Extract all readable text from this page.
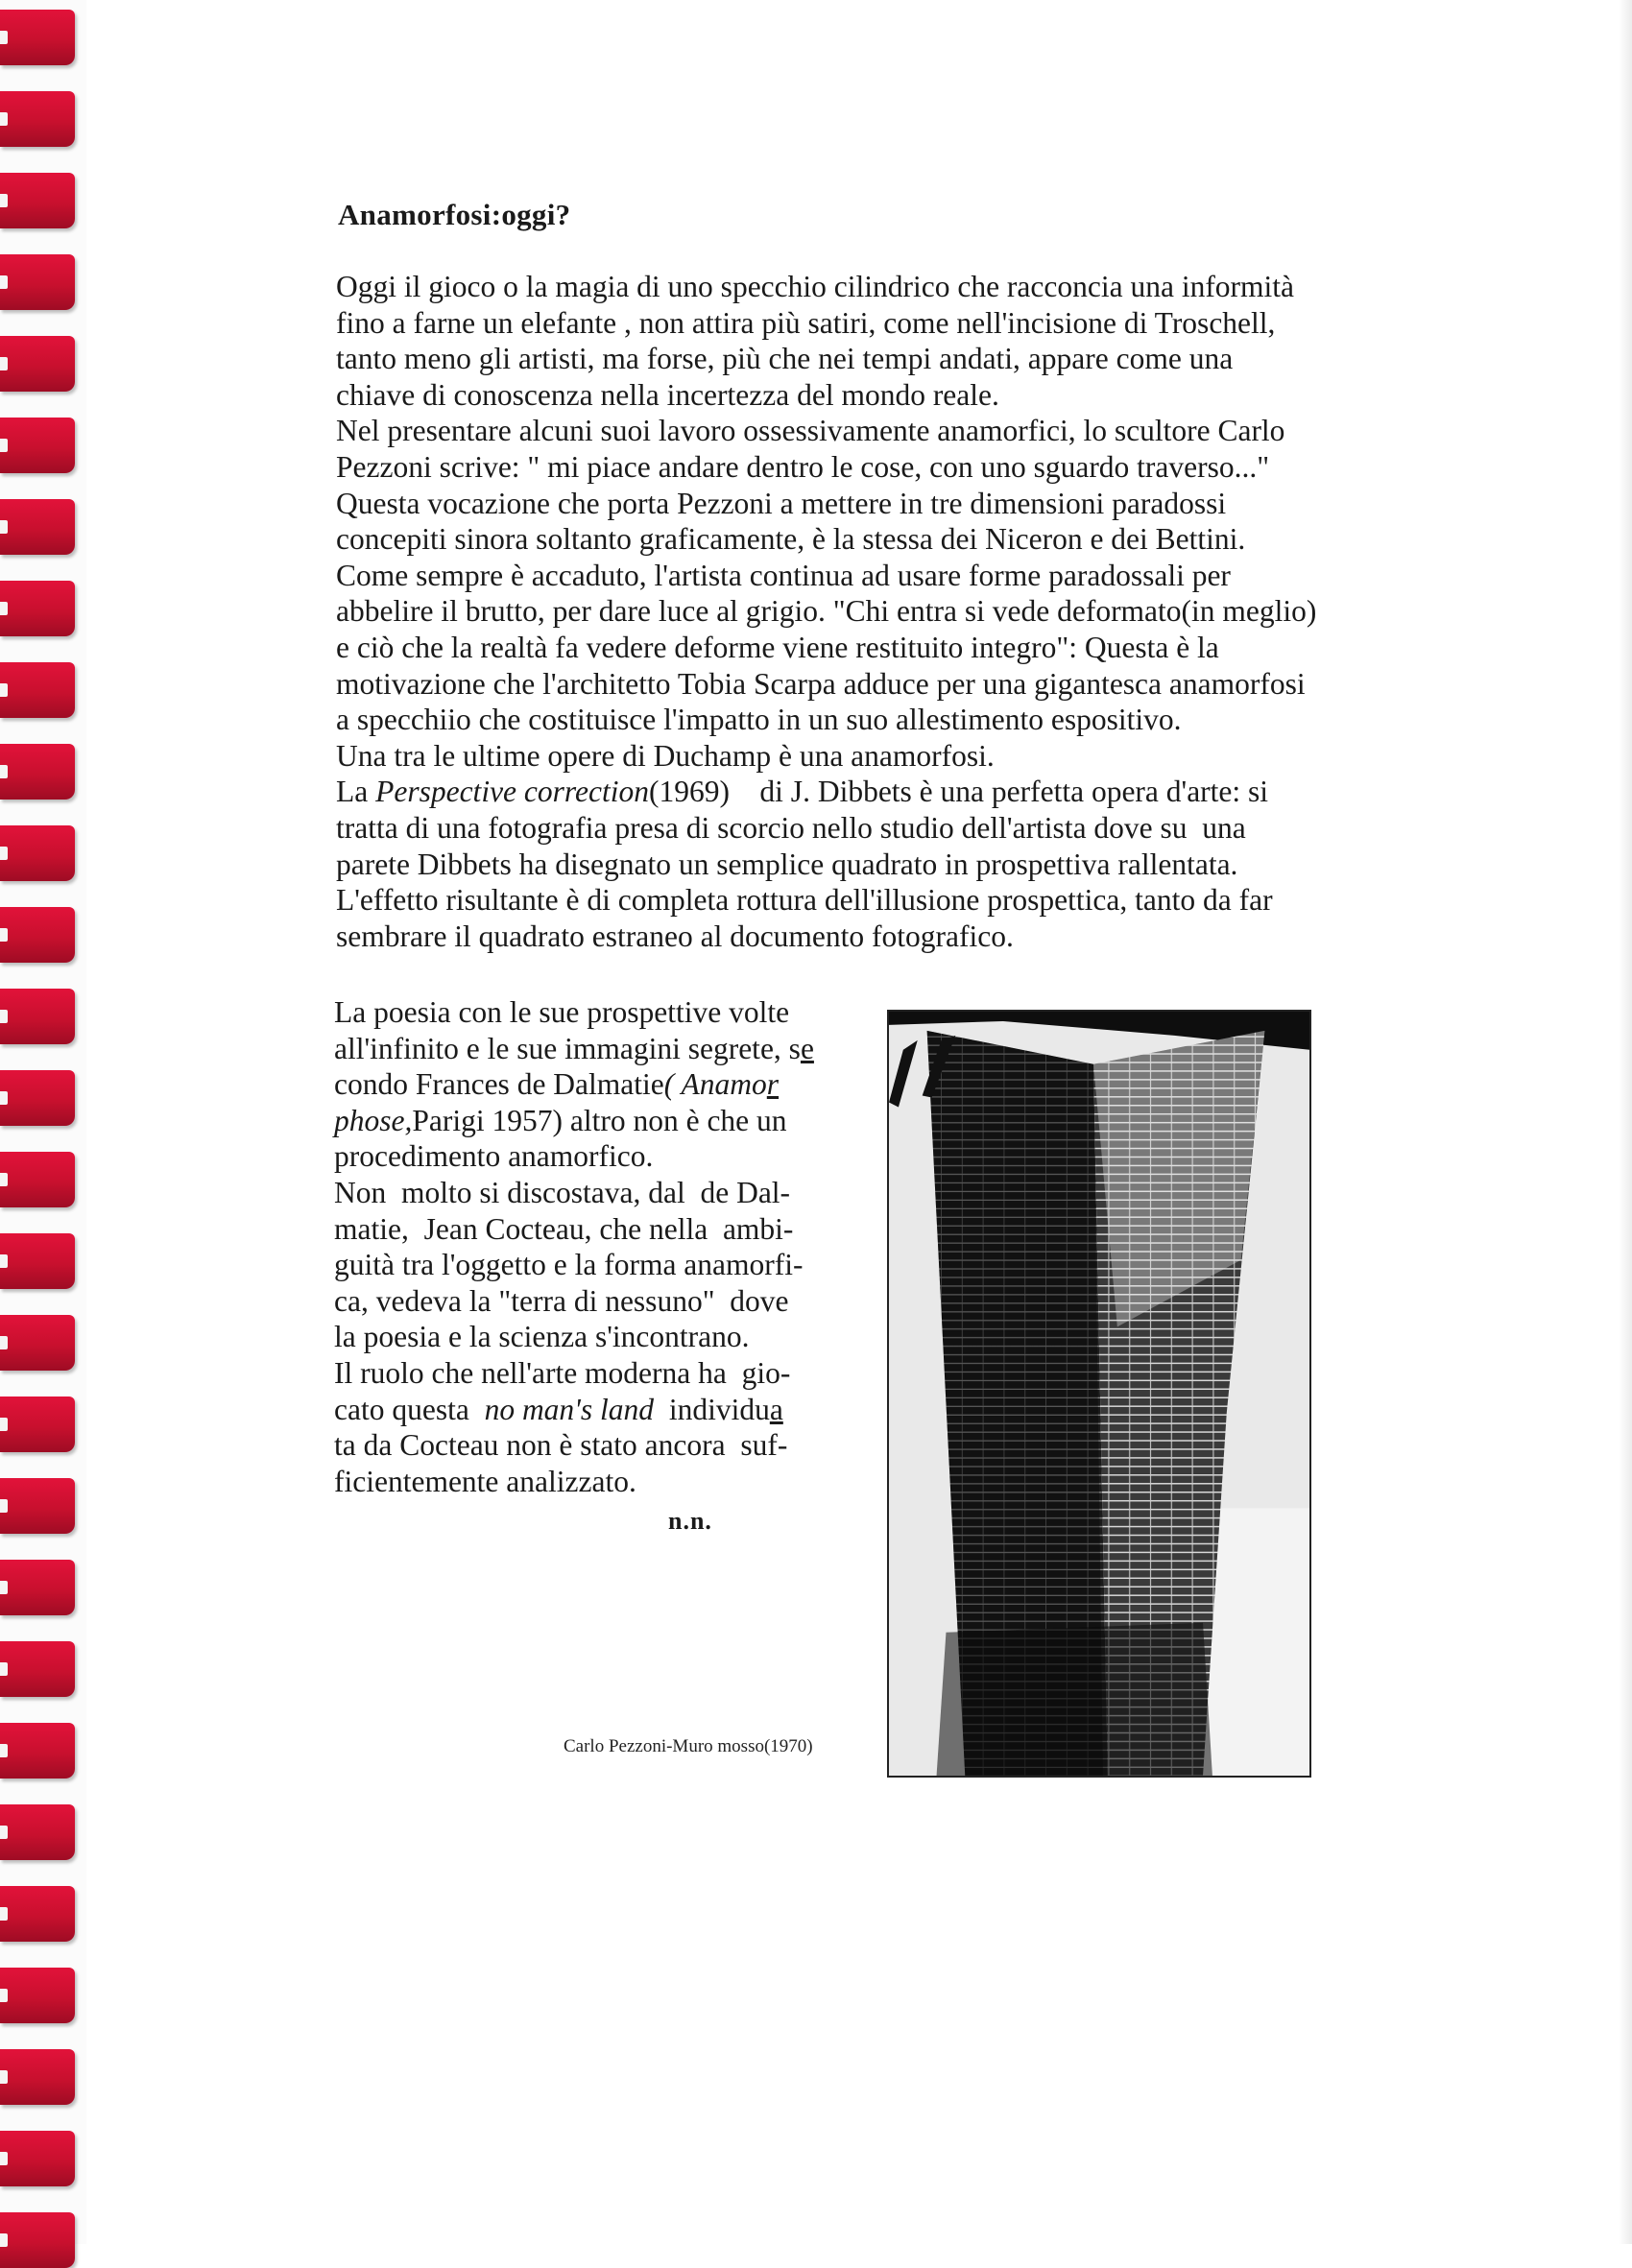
Anamorfosi:oggi?

Oggi il gioco o la magia di uno specchio cilindrico che racconcia una informità

fino a farne un elefante , non attira più satiri, come nell'incisione di Troschell,

tanto meno gli artisti, ma forse, più che nei tempi andati, appare come una

chiave di conoscenza nella incertezza del mondo reale.

Nel presentare alcuni suoi lavoro ossessivamente anamorfici, lo scultore Carlo

Pezzoni scrive: " mi piace andare dentro le cose, con uno sguardo traverso..."

Questa vocazione che porta Pezzoni a mettere in tre dimensioni paradossi

concepiti sinora soltanto graficamente, è la stessa dei Niceron e dei Bettini.

Come sempre è accaduto, l'artista continua ad usare forme paradossali per

abbelire il brutto, per dare luce al grigio. "Chi entra si vede deformato(in meglio)

e ciò che la realtà fa vedere deforme viene restituito integro": Questa è la

motivazione che l'architetto Tobia Scarpa adduce per una gigantesca anamorfosi

a specchiio che costituisce l'impatto in un suo allestimento espositivo.

Una tra le ultime opere di Duchamp è una anamorfosi.

La Perspective correction(1969)    di J. Dibbets è una perfetta opera d'arte: si

tratta di una fotografia presa di scorcio nello studio dell'artista dove su  una

parete Dibbets ha disegnato un semplice quadrato in prospettiva rallentata.

L'effetto risultante è di completa rottura dell'illusione prospettica, tanto da far

sembrare il quadrato estraneo al documento fotografico.

La poesia con le sue prospettive volte

all'infinito e le sue immagini segrete, se

condo Frances de Dalmatie( Anamor

phose,Parigi 1957) altro non è che un

procedimento anamorfico.

Non  molto si discostava, dal  de Dal-

matie,  Jean Cocteau, che nella  ambi-

guità tra l'oggetto e la forma anamorfi-

ca, vedeva la "terra di nessuno"  dove

la poesia e la scienza s'incontrano.

Il ruolo che nell'arte moderna ha  gio-

cato questa  no man's land  individua

ta da Cocteau non è stato ancora  suf-

ficientemente analizzato.

n.n.
Carlo Pezzoni-Muro mosso(1970)
